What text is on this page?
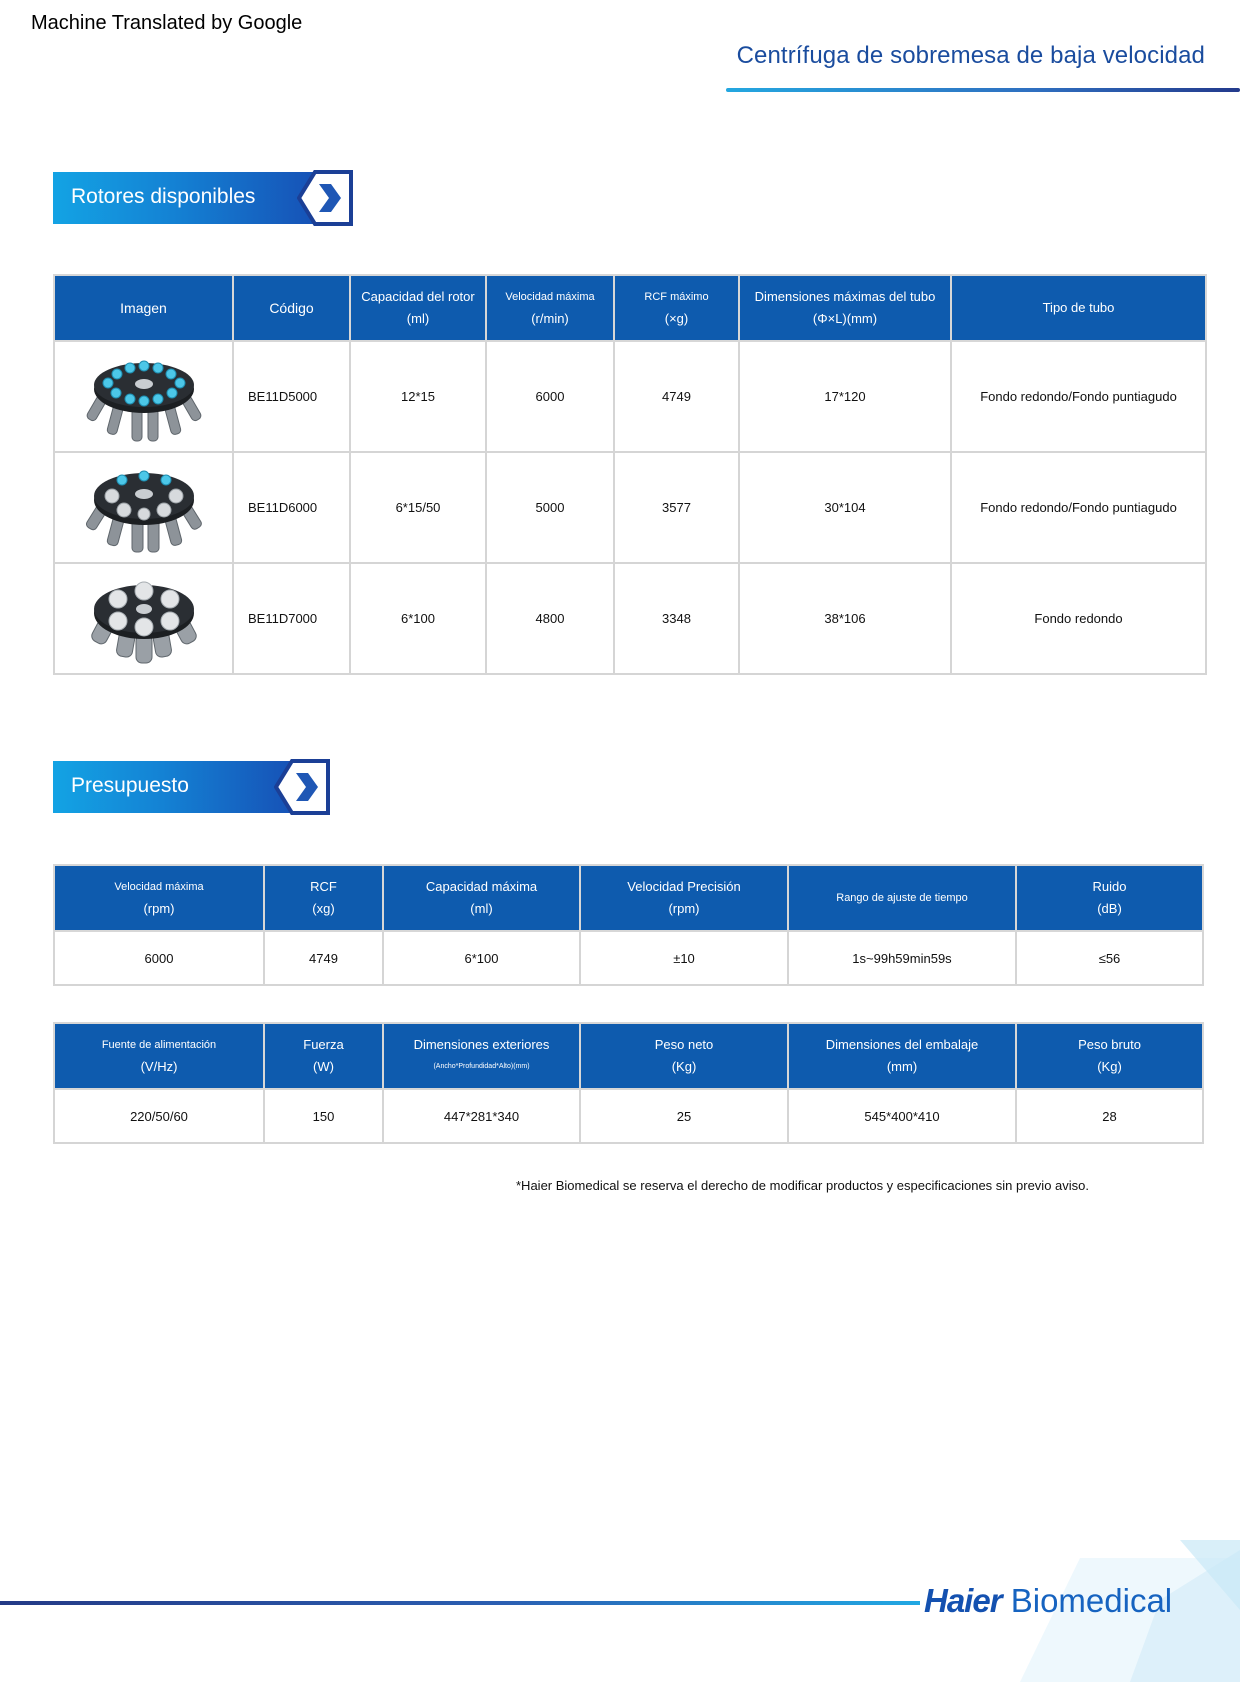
Machine Translated by Google
Centrífuga de sobremesa de baja velocidad
Rotores disponibles
Imagen	Código	Capacidad del rotor
(ml)	Velocidad máxima
(r/min)	RCF máximo
(×g)	Dimensiones máximas del tubo
(Φ×L)(mm)	Tipo de tubo

	BE11D5000	12*15	6000	4749	17*120	Fondo redondo/Fondo puntiagudo

	BE11D6000	6*15/50	5000	3577	30*104	Fondo redondo/Fondo puntiagudo

	BE11D7000	6*100	4800	3348	38*106	Fondo redondo
Presupuesto
Velocidad máxima
(rpm)	RCF
(xg)	Capacidad máxima
(ml)	Velocidad Precisión
(rpm)	Rango de ajuste de tiempo	Ruido
(dB)

6000	4749	6*100	±10	1s~99h59min59s	≤56
Fuente de alimentación
(V/Hz)	Fuerza
(W)	Dimensiones exteriores
(Ancho*Profundidad*Alto)(mm)	Peso neto
(Kg)	Dimensiones del embalaje
(mm)	Peso bruto
(Kg)

220/50/60	150	447*281*340	25	545*400*410	28
*Haier Biomedical se reserva el derecho de modificar productos y especificaciones sin previo aviso.
Haier Biomedical
